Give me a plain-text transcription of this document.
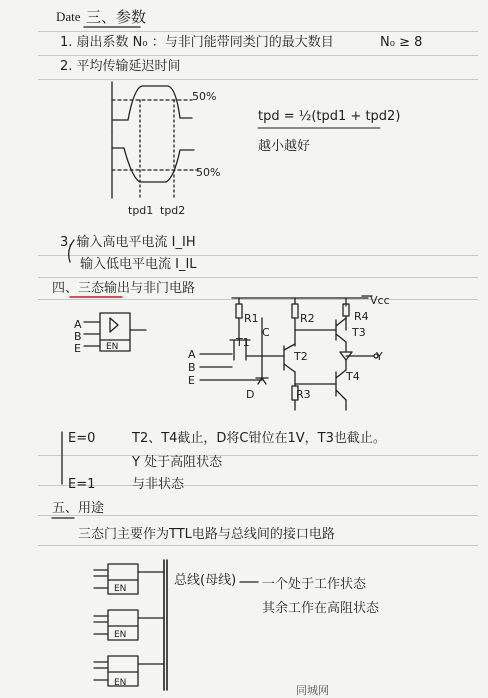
Date 三、参数
1. 扇出系数 N₀ ：与非门能带同类门的最大数目	N₀ ≥ 8
2. 平均传输延迟时间
50%
50%
tpd = ½(tpd1 + tpd2)
越小越好
tpd1 tpd2
3. 输入高电平电流 I_IH
输入低电平电流 I_IL
四、三态输出与非门电路
A
B
E	EN
Vcc
R1	R2
R3
R4
T1
T2
T3
T4
C
D
Y
A
B
E
E=0	T2、T4截止，D将C钳位在1V，T3也截止。
Y 处于高阻状态
E=1	与非状态
五、用途
三态门主要作为TTL电路与总线间的接口电路
总线(母线) 一个处于工作状态
其余工作在高阻状态
EN
EN
EN
同城网
